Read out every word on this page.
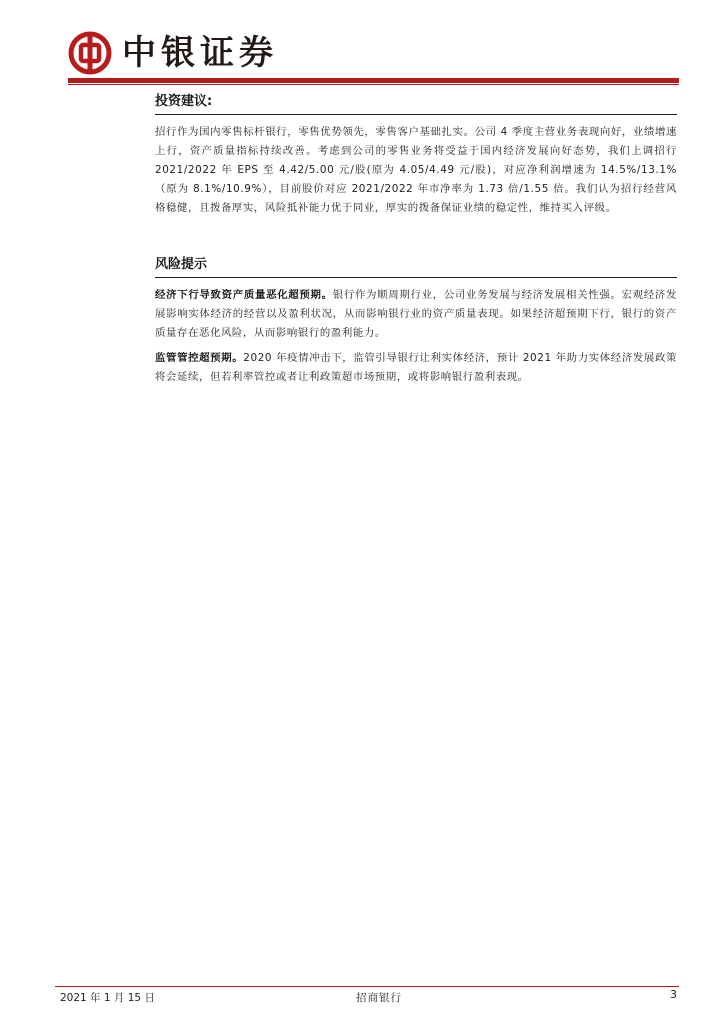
中银证券
投资建议:

招行作为国内零售标杆银行，零售优势领先，零售客户基础扎实。公司 4 季度主营业务表现向好，业绩增速上行，资产质量指标持续改善。考虑到公司的零售业务将受益于国内经济发展向好态势，我们上调招行 2021/2022 年 EPS 至 4.42/5.00 元/股(原为 4.05/4.49 元/股)，对应净利润增速为 14.5%/13.1%（原为 8.1%/10.9%），目前股价对应 2021/2022 年市净率为 1.73 倍/1.55 倍。我们认为招行经营风格稳健，且拨备厚实，风险抵补能力优于同业，厚实的拨备保证业绩的稳定性，维持买入评级。

风险提示

经济下行导致资产质量恶化超预期。银行作为顺周期行业，公司业务发展与经济发展相关性强。宏观经济发展影响实体经济的经营以及盈利状况，从而影响银行业的资产质量表现。如果经济超预期下行，银行的资产质量存在恶化风险，从而影响银行的盈利能力。

监管管控超预期。2020 年疫情冲击下，监管引导银行让利实体经济，预计 2021 年助力实体经济发展政策将会延续，但若利率管控或者让利政策超市场预期，或将影响银行盈利表现。

2021 年 1 月 15 日	招商银行	3
